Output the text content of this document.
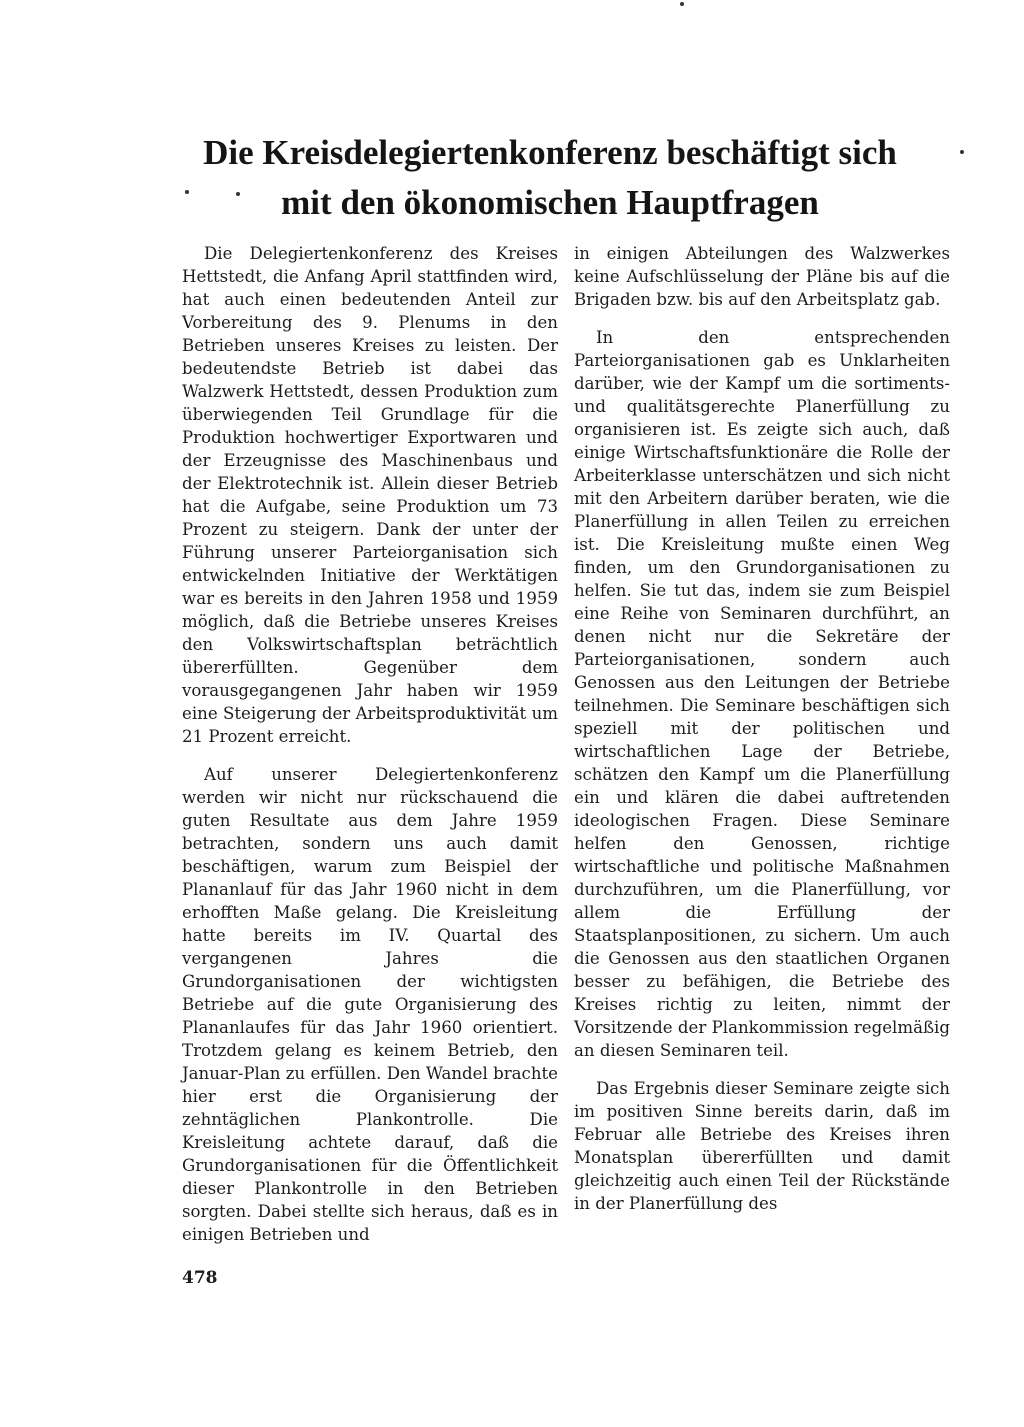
Die Kreisdelegiertenkonferenz beschäftigt sich
mit den ökonomischen Hauptfragen

Die Delegiertenkonferenz des Kreises Hettstedt, die Anfang April stattfinden wird, hat auch einen bedeutenden Anteil zur Vorbereitung des 9. Plenums in den Betrieben unseres Kreises zu leisten. Der bedeutendste Betrieb ist dabei das Walzwerk Hettstedt, dessen Produktion zum überwiegenden Teil Grundlage für die Produktion hochwertiger Exportwaren und der Erzeugnisse des Maschinenbaus und der Elektrotechnik ist. Allein dieser Betrieb hat die Aufgabe, seine Produktion um 73 Prozent zu steigern. Dank der unter der Führung unserer Parteiorganisation sich entwickelnden Initiative der Werktätigen war es bereits in den Jahren 1958 und 1959 möglich, daß die Betriebe unseres Kreises den Volkswirtschaftsplan beträchtlich übererfüllten. Gegenüber dem vorausgegangenen Jahr haben wir 1959 eine Steigerung der Arbeitsproduktivität um 21 Prozent erreicht.

Auf unserer Delegiertenkonferenz werden wir nicht nur rückschauend die guten Resultate aus dem Jahre 1959 betrachten, sondern uns auch damit beschäftigen, warum zum Beispiel der Plananlauf für das Jahr 1960 nicht in dem erhofften Maße gelang. Die Kreisleitung hatte bereits im IV. Quartal des vergangenen Jahres die Grundorganisationen der wichtigsten Betriebe auf die gute Organisierung des Plananlaufes für das Jahr 1960 orientiert. Trotzdem gelang es keinem Betrieb, den Januar-Plan zu erfüllen. Den Wandel brachte hier erst die Organisierung der zehntäglichen Plankontrolle. Die Kreisleitung achtete darauf, daß die Grundorganisationen für die Öffentlichkeit dieser Plankontrolle in den Betrieben sorgten. Dabei stellte sich heraus, daß es in einigen Betrieben und

in einigen Abteilungen des Walzwerkes keine Aufschlüsselung der Pläne bis auf die Brigaden bzw. bis auf den Arbeitsplatz gab.

In den entsprechenden Parteiorganisationen gab es Unklarheiten darüber, wie der Kampf um die sortiments- und qualitätsgerechte Planerfüllung zu organisieren ist. Es zeigte sich auch, daß einige Wirtschaftsfunktionäre die Rolle der Arbeiterklasse unterschätzen und sich nicht mit den Arbeitern darüber beraten, wie die Planerfüllung in allen Teilen zu erreichen ist. Die Kreisleitung mußte einen Weg finden, um den Grundorganisationen zu helfen. Sie tut das, indem sie zum Beispiel eine Reihe von Seminaren durchführt, an denen nicht nur die Sekretäre der Parteiorganisationen, sondern auch Genossen aus den Leitungen der Betriebe teilnehmen. Die Seminare beschäftigen sich speziell mit der politischen und wirtschaftlichen Lage der Betriebe, schätzen den Kampf um die Planerfüllung ein und klären die dabei auftretenden ideologischen Fragen. Diese Seminare helfen den Genossen, richtige wirtschaftliche und politische Maßnahmen durchzuführen, um die Planerfüllung, vor allem die Erfüllung der Staatsplanpositionen, zu sichern. Um auch die Genossen aus den staatlichen Organen besser zu befähigen, die Betriebe des Kreises richtig zu leiten, nimmt der Vorsitzende der Plankommission regelmäßig an diesen Seminaren teil.

Das Ergebnis dieser Seminare zeigte sich im positiven Sinne bereits darin, daß im Februar alle Betriebe des Kreises ihren Monatsplan übererfüllten und damit gleichzeitig auch einen Teil der Rückstände in der Planerfüllung des

478
